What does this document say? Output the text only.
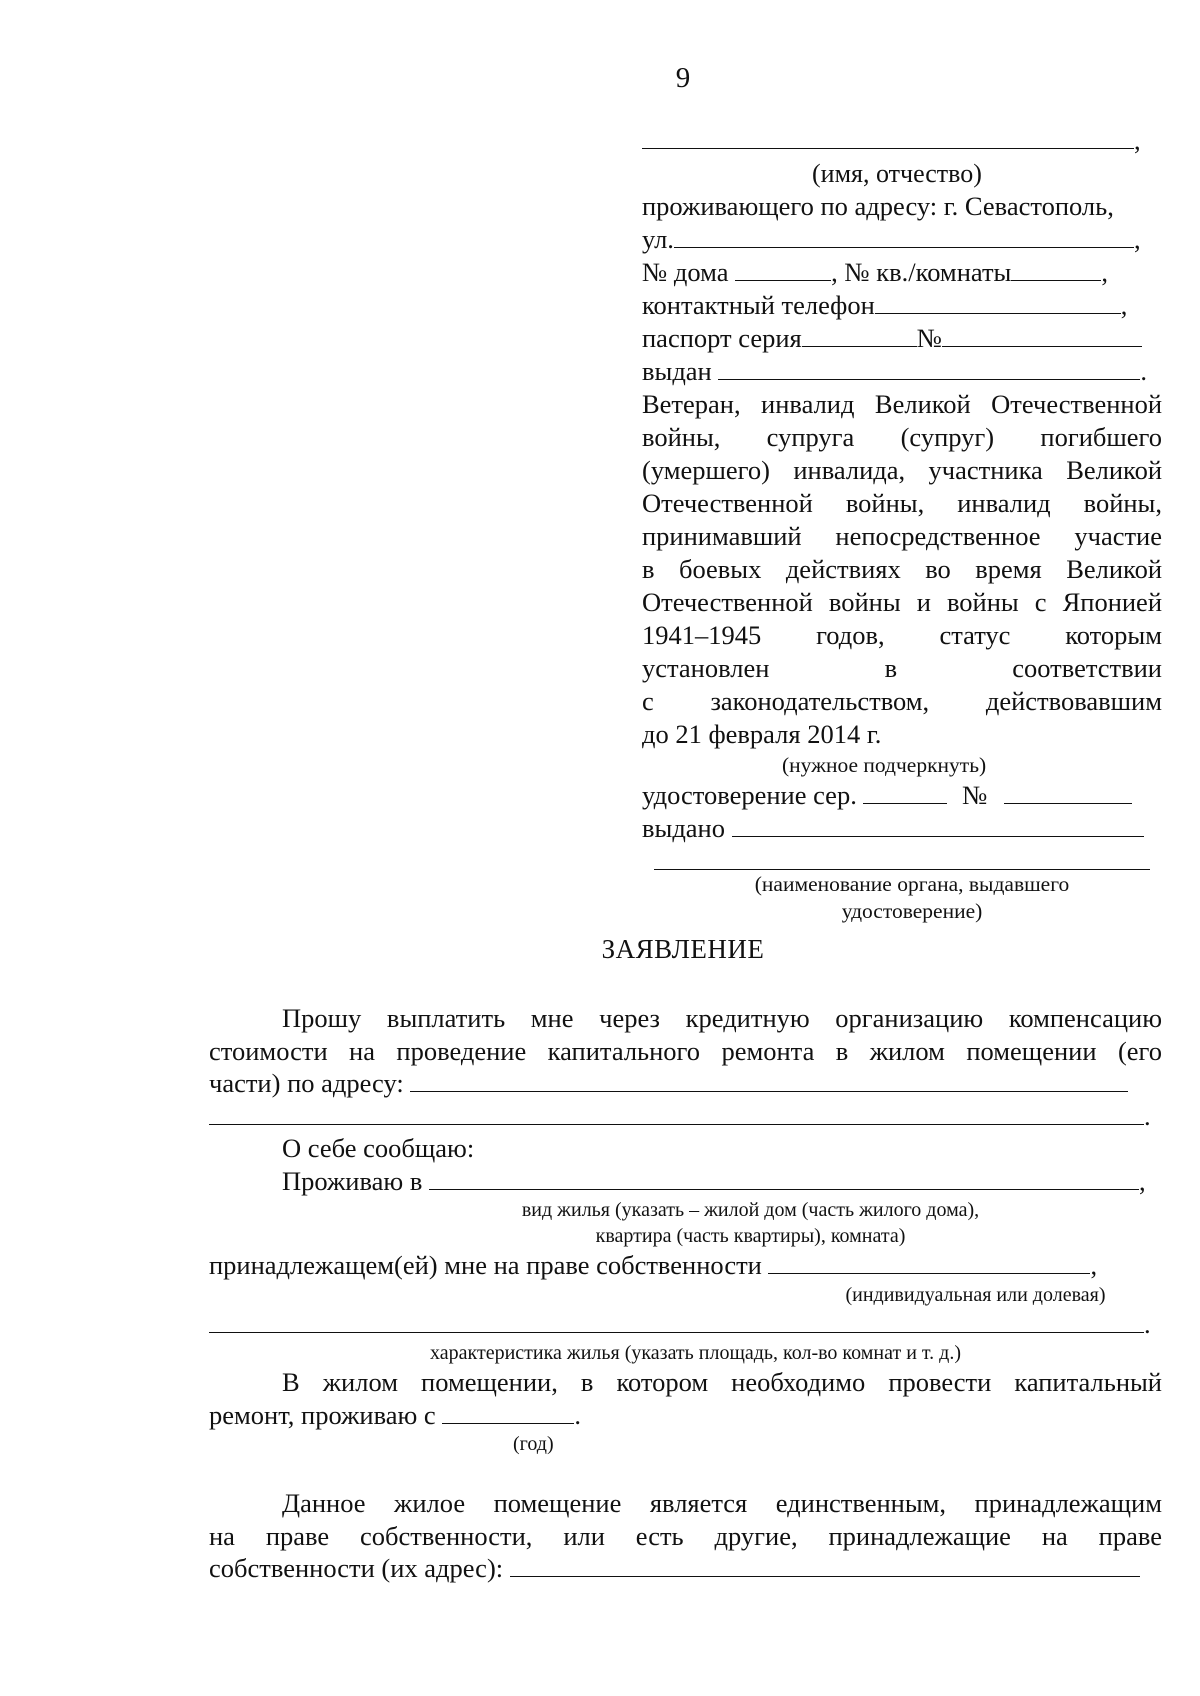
9
,
(имя, отчество)
проживающего по адресу: г. Севастополь,
ул.	,
№ дома	, № кв./комнаты	,
контактный телефон	,
паспорт серия	№
выдан	.
Ветеран, инвалид Великой Отечественной
войны, супруга (супруг) погибшего
(умершего) инвалида, участника Великой
Отечественной войны, инвалид войны,
принимавший непосредственное участие
в боевых действиях во время Великой
Отечественной войны и войны с Японией
1941–1945 годов, статус которым
установлен в соответствии
с законодательством, действовавшим
до 21 февраля 2014 г.
(нужное подчеркнуть)
удостоверение сер.	№
выдано
(наименование органа, выдавшего
удостоверение)
ЗАЯВЛЕНИЕ
Прошу выплатить мне через кредитную организацию компенсацию
стоимости на проведение капитального ремонта в жилом помещении (его
части) по адресу:
.
О себе сообщаю:
Проживаю в	,
вид жилья (указать – жилой дом (часть жилого дома),
квартира (часть квартиры), комната)
принадлежащем(ей) мне на праве собственности	,
(индивидуальная или долевая)
.
характеристика жилья (указать площадь, кол-во комнат и т. д.)
В жилом помещении, в котором необходимо провести капитальный
ремонт, проживаю с	.
(год)
Данное жилое помещение является единственным, принадлежащим
на праве собственности, или есть другие, принадлежащие на праве
собственности (их адрес):
